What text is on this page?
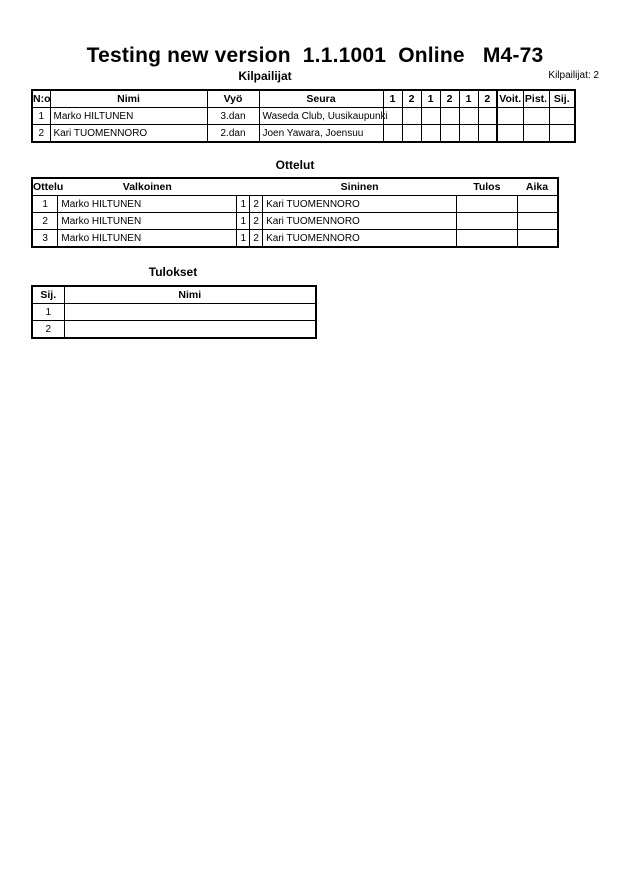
Testing new version  1.1.1001  Online   M4-73
Kilpailijat	Kilpailijat: 2
N:o	Nimi	Vyö	Seura	1	2	1	2	1	2	Voit.	Pist.	Sij.
1	Marko HILTUNEN	3.dan	Waseda Club, Uusikaupunki									
2	Kari TUOMENNORO	2.dan	Joen Yawara, Joensuu									
Ottelut
Ottelu	Valkoinen			Sininen	Tulos	Aika
1	Marko HILTUNEN	1	2	Kari TUOMENNORO		
2	Marko HILTUNEN	1	2	Kari TUOMENNORO		
3	Marko HILTUNEN	1	2	Kari TUOMENNORO		
Tulokset
Sij.	Nimi
1	
2	
